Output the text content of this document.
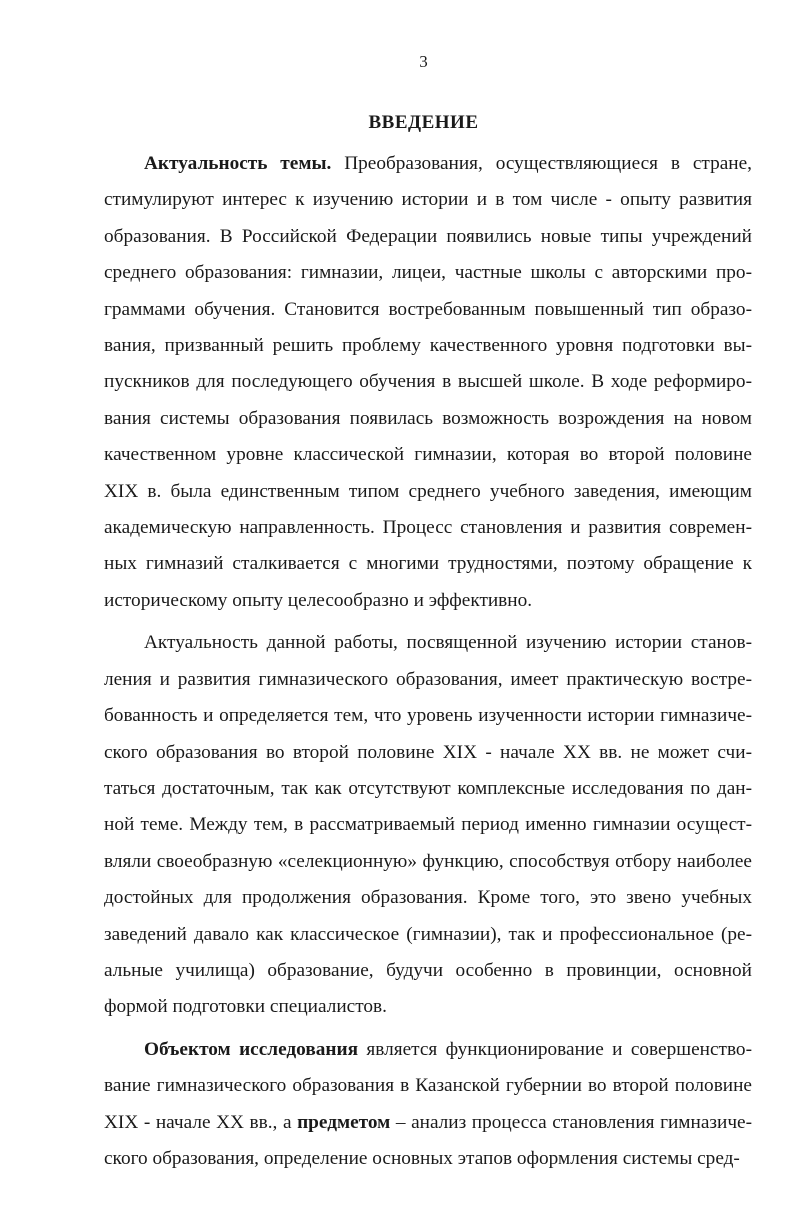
3
ВВЕДЕНИЕ

Актуальность темы. Преобразования, осуществляющиеся в стране, стимулируют интерес к изучению истории и в том числе - опыту развития образования. В Российской Федерации появились новые типы учреждений среднего образования: гимназии, лицеи, частные школы с авторскими программами обучения. Становится востребованным повышенный тип образования, призванный решить проблему качественного уровня подготовки выпускников для последующего обучения в высшей школе. В ходе реформирования системы образования появилась возможность возрождения на новом качественном уровне классической гимназии, которая во второй половине XIX в. была единственным типом среднего учебного заведения, имеющим академическую направленность. Процесс становления и развития современных гимназий сталкивается с многими трудностями, поэтому обращение к историческому опыту целесообразно и эффективно.

Актуальность данной работы, посвященной изучению истории становления и развития гимназического образования, имеет практическую востребованность и определяется тем, что уровень изученности истории гимназического образования во второй половине XIX - начале XX вв. не может считаться достаточным, так как отсутствуют комплексные исследования по данной теме. Между тем, в рассматриваемый период именно гимназии осуществляли своеобразную «селекционную» функцию, способствуя отбору наиболее достойных для продолжения образования. Кроме того, это звено учебных заведений давало как классическое (гимназии), так и профессиональное (реальные училища) образование, будучи особенно в провинции, основной формой подготовки специалистов.

Объектом исследования является функционирование и совершенствование гимназического образования в Казанской губернии во второй половине XIX - начале XX вв., а предметом – анализ процесса становления гимназического образования, определение основных этапов оформления системы сред-
